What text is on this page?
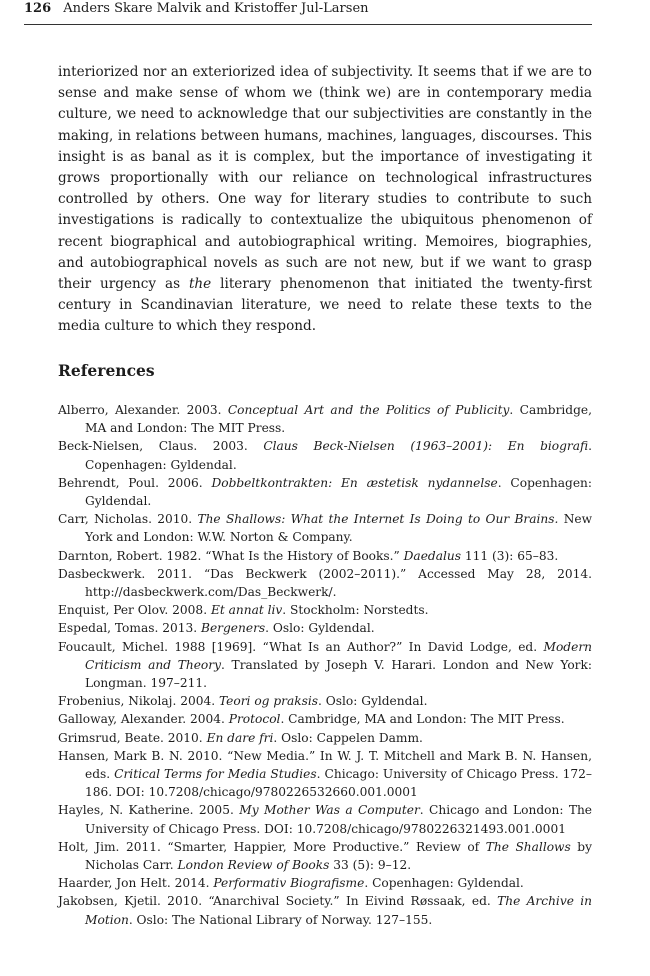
126 Anders Skare Malvik and Kristoffer Jul-Larsen

interiorized nor an exteriorized idea of subjectivity. It seems that if we are to sense and make sense of whom we (think we) are in contemporary media culture, we need to acknowledge that our subjectivities are constantly in the making, in relations between humans, machines, languages, discourses. This insight is as banal as it is complex, but the importance of investigating it grows proportionally with our reliance on technological infrastructures controlled by others. One way for literary studies to contribute to such investigations is radically to contextualize the ubiquitous phenomenon of recent biographical and autobiographical writing. Memoires, biographies, and autobiographical novels as such are not new, but if we want to grasp their urgency as the literary phenomenon that initiated the twenty-first century in Scandinavian literature, we need to relate these texts to the media culture to which they respond.

References
Alberro, Alexander. 2003. Conceptual Art and the Politics of Publicity. Cambridge, MA and London: The MIT Press.
Beck-Nielsen, Claus. 2003. Claus Beck-Nielsen (1963–2001): En biografi. Copenhagen: Gyldendal.
Behrendt, Poul. 2006. Dobbeltkontrakten: En æstetisk nydannelse. Copenhagen: Gyldendal.
Carr, Nicholas. 2010. The Shallows: What the Internet Is Doing to Our Brains. New York and London: W.W. Norton & Company.
Darnton, Robert. 1982. “What Is the History of Books.” Daedalus 111 (3): 65–83.
Dasbeckwerk. 2011. “Das Beckwerk (2002–2011).” Accessed May 28, 2014. http://dasbeckwerk.com/Das_Beckwerk/.
Enquist, Per Olov. 2008. Et annat liv. Stockholm: Norstedts.
Espedal, Tomas. 2013. Bergeners. Oslo: Gyldendal.
Foucault, Michel. 1988 [1969]. “What Is an Author?” In David Lodge, ed. Modern Criticism and Theory. Translated by Joseph V. Harari. London and New York: Longman. 197–211.
Frobenius, Nikolaj. 2004. Teori og praksis. Oslo: Gyldendal.
Galloway, Alexander. 2004. Protocol. Cambridge, MA and London: The MIT Press.
Grimsrud, Beate. 2010. En dare fri. Oslo: Cappelen Damm.
Hansen, Mark B. N. 2010. “New Media.” In W. J. T. Mitchell and Mark B. N. Hansen, eds. Critical Terms for Media Studies. Chicago: University of Chicago Press. 172–186. DOI: 10.7208/chicago/9780226532660.001.0001
Hayles, N. Katherine. 2005. My Mother Was a Computer. Chicago and London: The University of Chicago Press. DOI: 10.7208/chicago/9780226321493.001.0001
Holt, Jim. 2011. “Smarter, Happier, More Productive.” Review of The Shallows by Nicholas Carr. London Review of Books 33 (5): 9–12.
Haarder, Jon Helt. 2014. Performativ Biografisme. Copenhagen: Gyldendal.
Jakobsen, Kjetil. 2010. “Anarchival Society.” In Eivind Røssaak, ed. The Archive in Motion. Oslo: The National Library of Norway. 127–155.
